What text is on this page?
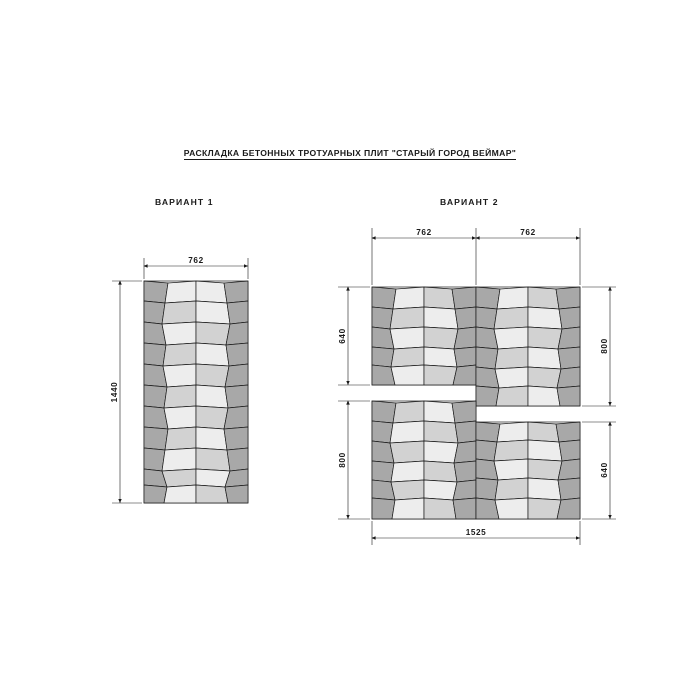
РАСКЛАДКА БЕТОННЫХ ТРОТУАРНЫХ ПЛИТ "СТАРЫЙ ГОРОД ВЕЙМАР"
ВАРИАНТ 1	ВАРИАНТ 2
762
1440
762	762
640
800
800
640
1525
